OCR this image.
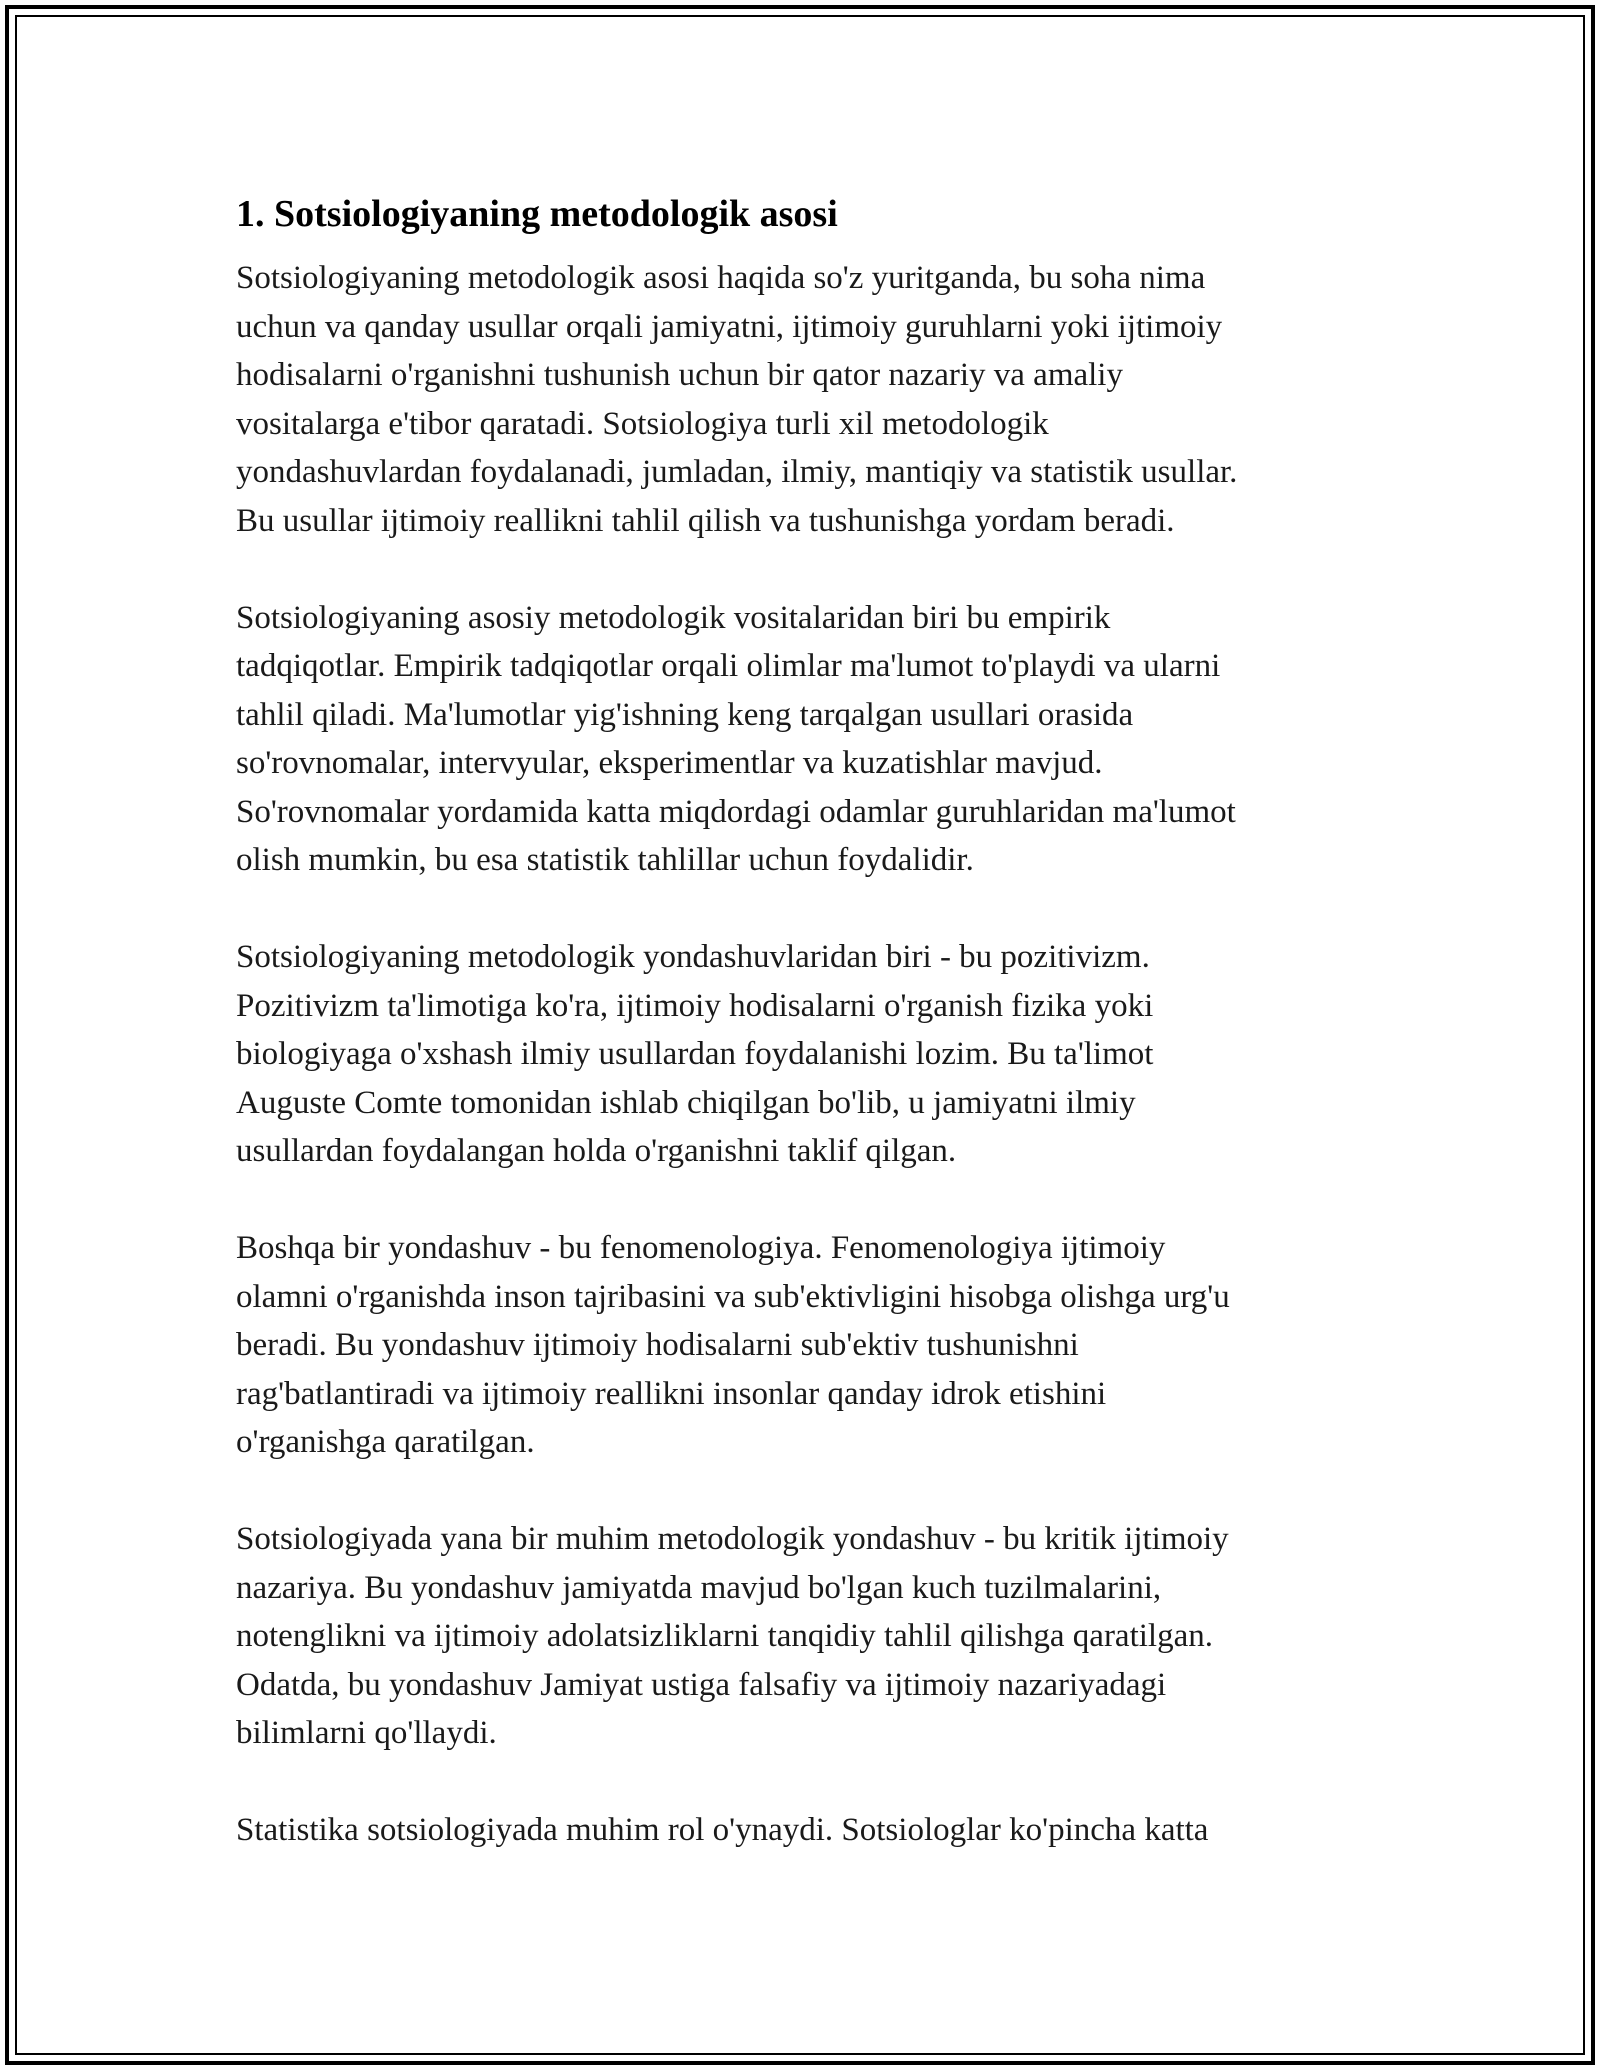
1. Sotsiologiyaning metodologik asosi

Sotsiologiyaning metodologik asosi haqida so'z yuritganda, bu soha nima
uchun va qanday usullar orqali jamiyatni, ijtimoiy guruhlarni yoki ijtimoiy
hodisalarni o'rganishni tushunish uchun bir qator nazariy va amaliy
vositalarga e'tibor qaratadi. Sotsiologiya turli xil metodologik
yondashuvlardan foydalanadi, jumladan, ilmiy, mantiqiy va statistik usullar.
Bu usullar ijtimoiy reallikni tahlil qilish va tushunishga yordam beradi.

Sotsiologiyaning asosiy metodologik vositalaridan biri bu empirik
tadqiqotlar. Empirik tadqiqotlar orqali olimlar ma'lumot to'playdi va ularni
tahlil qiladi. Ma'lumotlar yig'ishning keng tarqalgan usullari orasida
so'rovnomalar, intervyular, eksperimentlar va kuzatishlar mavjud.
So'rovnomalar yordamida katta miqdordagi odamlar guruhlaridan ma'lumot
olish mumkin, bu esa statistik tahlillar uchun foydalidir.

Sotsiologiyaning metodologik yondashuvlaridan biri - bu pozitivizm.
Pozitivizm ta'limotiga ko'ra, ijtimoiy hodisalarni o'rganish fizika yoki
biologiyaga o'xshash ilmiy usullardan foydalanishi lozim. Bu ta'limot
Auguste Comte tomonidan ishlab chiqilgan bo'lib, u jamiyatni ilmiy
usullardan foydalangan holda o'rganishni taklif qilgan.

Boshqa bir yondashuv - bu fenomenologiya. Fenomenologiya ijtimoiy
olamni o'rganishda inson tajribasini va sub'ektivligini hisobga olishga urg'u
beradi. Bu yondashuv ijtimoiy hodisalarni sub'ektiv tushunishni
rag'batlantiradi va ijtimoiy reallikni insonlar qanday idrok etishini
o'rganishga qaratilgan.

Sotsiologiyada yana bir muhim metodologik yondashuv - bu kritik ijtimoiy
nazariya. Bu yondashuv jamiyatda mavjud bo'lgan kuch tuzilmalarini,
notenglikni va ijtimoiy adolatsizliklarni tanqidiy tahlil qilishga qaratilgan.
Odatda, bu yondashuv Jamiyat ustiga falsafiy va ijtimoiy nazariyadagi
bilimlarni qo'llaydi.

Statistika sotsiologiyada muhim rol o'ynaydi. Sotsiologlar ko'pincha katta
